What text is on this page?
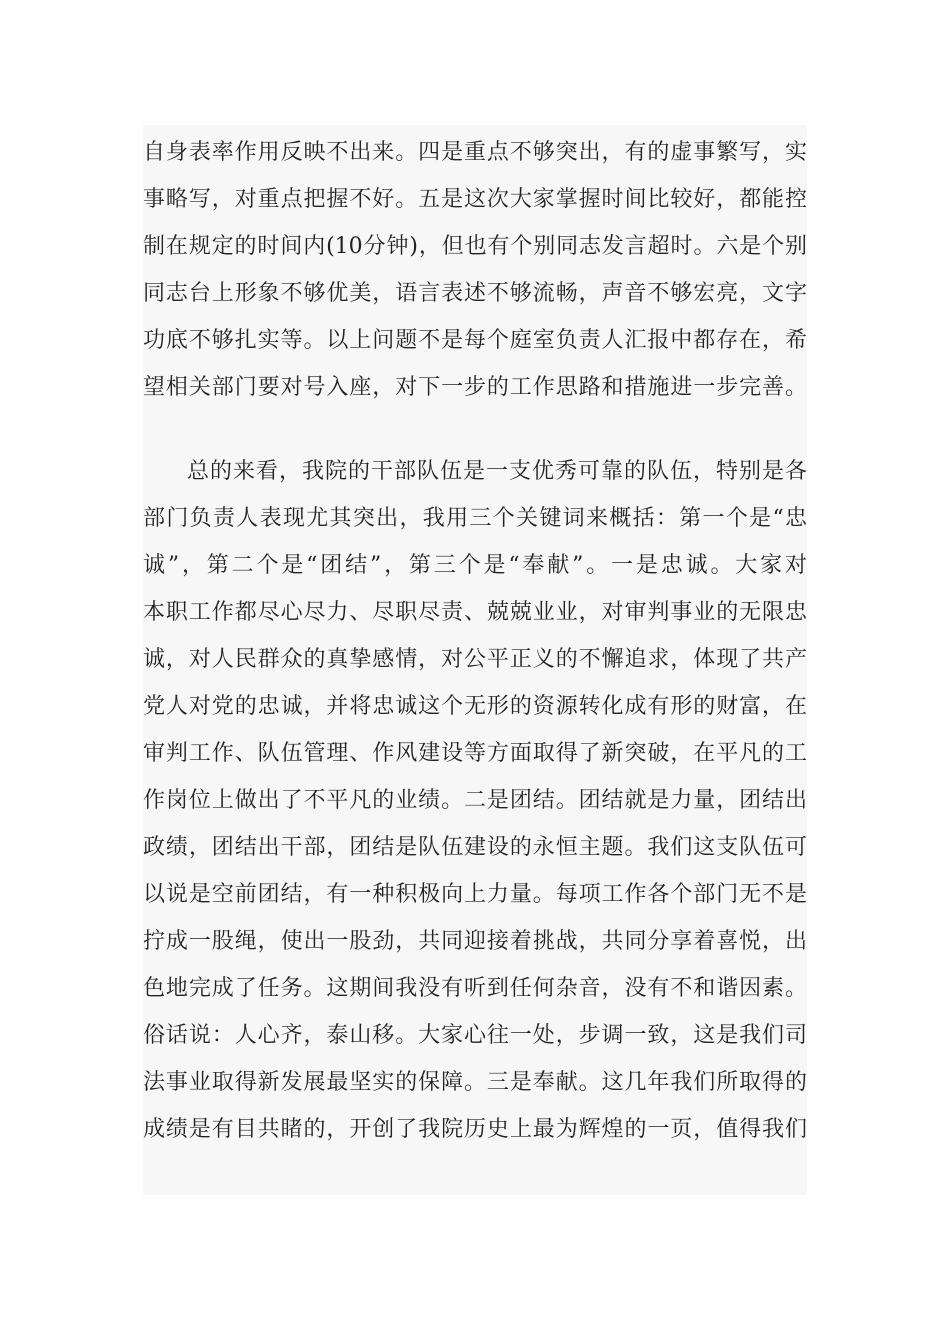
自身表率作用反映不出来。四是重点不够突出，有的虚事繁写，实
事略写，对重点把握不好。五是这次大家掌握时间比较好，都能控
制在规定的时间内(10分钟)，但也有个别同志发言超时。六是个别
同志台上形象不够优美，语言表述不够流畅，声音不够宏亮，文字
功底不够扎实等。以上问题不是每个庭室负责人汇报中都存在，希
望相关部门要对号入座，对下一步的工作思路和措施进一步完善。
总的来看，我院的干部队伍是一支优秀可靠的队伍，特别是各
部门负责人表现尤其突出，我用三个关键词来概括：第一个是“忠
诚”，第二个是“团结”，第三个是“奉献”。一是忠诚。大家对
本职工作都尽心尽力、尽职尽责、兢兢业业，对审判事业的无限忠
诚，对人民群众的真挚感情，对公平正义的不懈追求，体现了共产
党人对党的忠诚，并将忠诚这个无形的资源转化成有形的财富，在
审判工作、队伍管理、作风建设等方面取得了新突破，在平凡的工
作岗位上做出了不平凡的业绩。二是团结。团结就是力量，团结出
政绩，团结出干部，团结是队伍建设的永恒主题。我们这支队伍可
以说是空前团结，有一种积极向上力量。每项工作各个部门无不是
拧成一股绳，使出一股劲，共同迎接着挑战，共同分享着喜悦，出
色地完成了任务。这期间我没有听到任何杂音，没有不和谐因素。
俗话说：人心齐，泰山移。大家心往一处，步调一致，这是我们司
法事业取得新发展最坚实的保障。三是奉献。这几年我们所取得的
成绩是有目共睹的，开创了我院历史上最为辉煌的一页，值得我们
